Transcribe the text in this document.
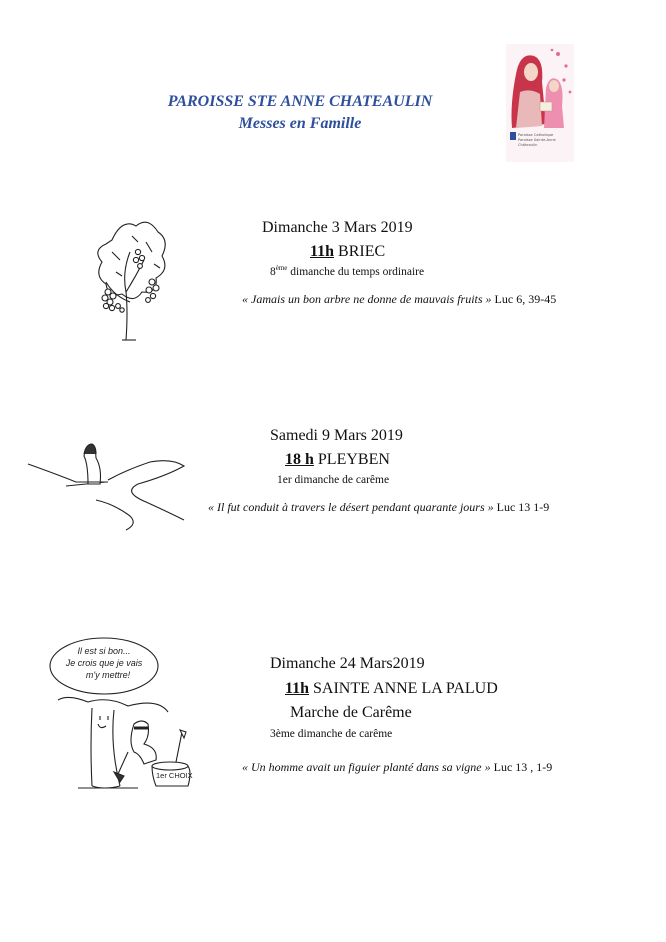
PAROISSE STE ANNE CHATEAULIN
Messes en Famille
Paroisse Catholique
Paroisse Sainte-Anne
Châteaulin
Dimanche 3 Mars 2019
11h BRIEC
8ème dimanche du temps ordinaire
« Jamais un bon arbre ne donne de mauvais fruits » Luc 6, 39-45
Samedi 9 Mars 2019
18 h PLEYBEN
1er dimanche de carême
« Il fut conduit à travers le désert pendant quarante jours » Luc 13 1-9
Il est si bon...
Je crois que je vais
m'y mettre!
1er CHOIX
Dimanche 24 Mars2019
11h SAINTE ANNE LA PALUD
Marche de Carême
3ème dimanche de carême
« Un homme avait un figuier planté dans sa vigne » Luc 13 , 1-9
